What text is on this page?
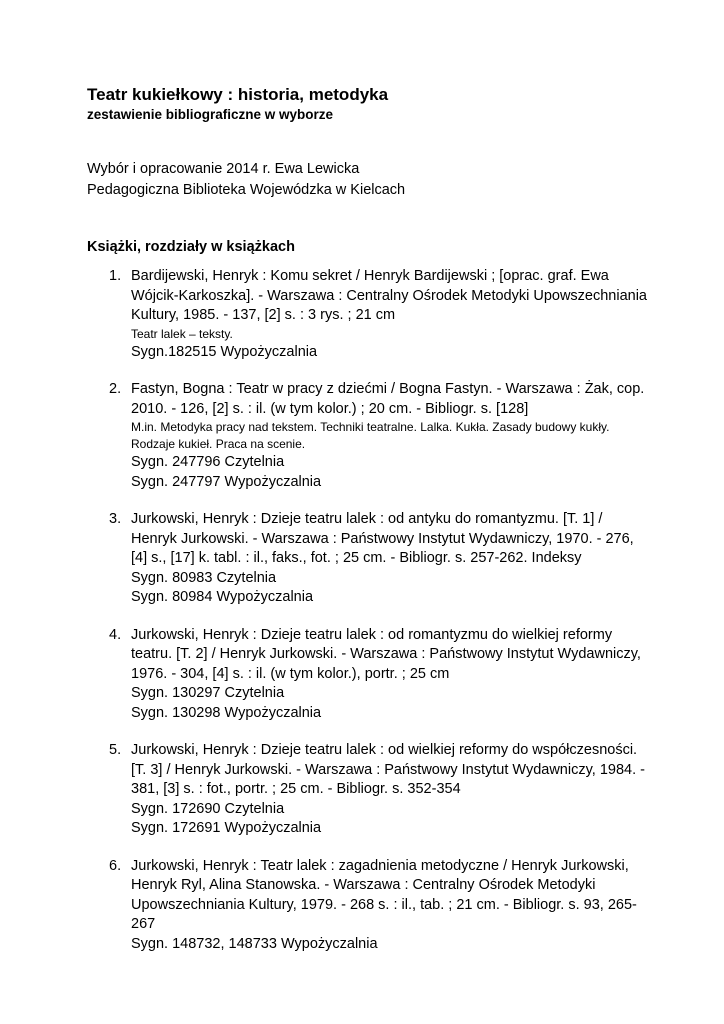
Teatr kukiełkowy : historia, metodyka
zestawienie bibliograficzne w wyborze
Wybór i opracowanie 2014 r. Ewa Lewicka
Pedagogiczna Biblioteka Wojewódzka w Kielcach
Książki, rozdziały w książkach
1. Bardijewski, Henryk : Komu sekret / Henryk Bardijewski ; [oprac. graf. Ewa Wójcik-Karkoszka]. - Warszawa : Centralny Ośrodek Metodyki Upowszechniania Kultury, 1985. - 137, [2] s. : 3 rys. ; 21 cm
Teatr lalek – teksty.
Sygn.182515 Wypożyczalnia
2. Fastyn, Bogna : Teatr w pracy z dziećmi / Bogna Fastyn. - Warszawa : Żak, cop. 2010. - 126, [2] s. : il. (w tym kolor.) ; 20 cm. - Bibliogr. s. [128]
M.in. Metodyka pracy nad tekstem. Techniki teatralne. Lalka. Kukła. Zasady budowy kukły. Rodzaje kukieł. Praca na scenie.
Sygn. 247796 Czytelnia
Sygn. 247797 Wypożyczalnia
3. Jurkowski, Henryk : Dzieje teatru lalek : od antyku do romantyzmu. [T. 1] / Henryk Jurkowski. - Warszawa : Państwowy Instytut Wydawniczy, 1970. - 276, [4] s., [17] k. tabl. : il., faks., fot. ; 25 cm. - Bibliogr. s. 257-262. Indeksy
Sygn. 80983 Czytelnia
Sygn. 80984 Wypożyczalnia
4. Jurkowski, Henryk : Dzieje teatru lalek : od romantyzmu do wielkiej reformy teatru. [T. 2] / Henryk Jurkowski. - Warszawa : Państwowy Instytut Wydawniczy, 1976. - 304, [4] s. : il. (w tym kolor.), portr. ; 25 cm
Sygn. 130297 Czytelnia
Sygn. 130298 Wypożyczalnia
5. Jurkowski, Henryk : Dzieje teatru lalek : od wielkiej reformy do współczesności. [T. 3] / Henryk Jurkowski. - Warszawa : Państwowy Instytut Wydawniczy, 1984. - 381, [3] s. : fot., portr. ; 25 cm. - Bibliogr. s. 352-354
Sygn. 172690 Czytelnia
Sygn. 172691 Wypożyczalnia
6. Jurkowski, Henryk : Teatr lalek : zagadnienia metodyczne / Henryk Jurkowski, Henryk Ryl, Alina Stanowska. - Warszawa : Centralny Ośrodek Metodyki Upowszechniania Kultury, 1979. - 268 s. : il., tab. ; 21 cm. - Bibliogr. s. 93, 265-267
Sygn. 148732, 148733 Wypożyczalnia
